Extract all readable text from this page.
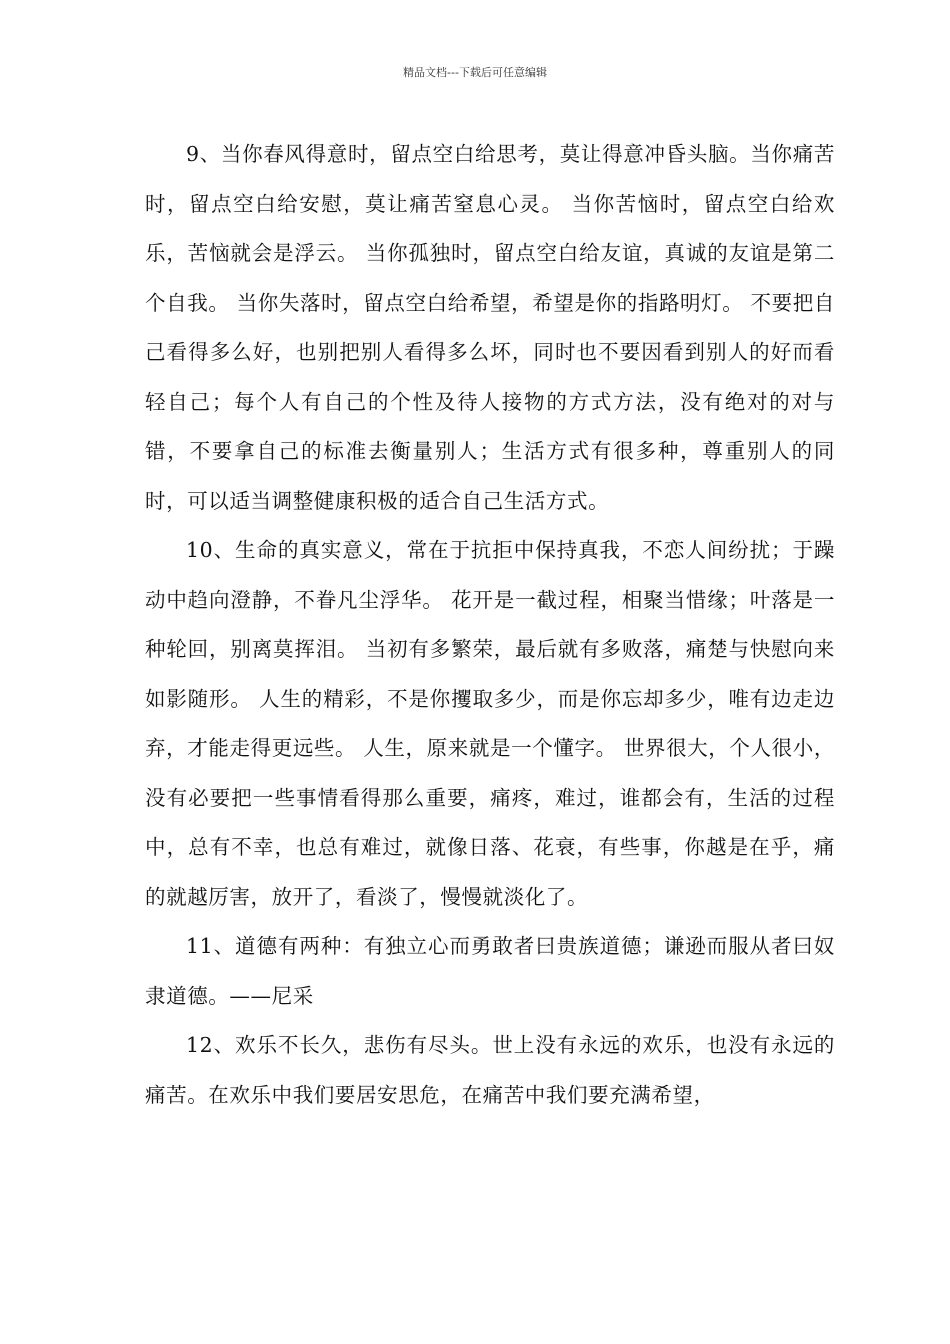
精品文档---下载后可任意编辑

9、当你春风得意时，留点空白给思考，莫让得意冲昏头脑。当你痛苦时，留点空白给安慰，莫让痛苦窒息心灵。 当你苦恼时，留点空白给欢乐，苦恼就会是浮云。 当你孤独时，留点空白给友谊，真诚的友谊是第二个自我。 当你失落时，留点空白给希望，希望是你的指路明灯。 不要把自己看得多么好，也别把别人看得多么坏，同时也不要因看到别人的好而看轻自己；每个人有自己的个性及待人接物的方式方法，没有绝对的对与错，不要拿自己的标准去衡量别人；生活方式有很多种，尊重别人的同时，可以适当调整健康积极的适合自己生活方式。

10、生命的真实意义，常在于抗拒中保持真我，不恋人间纷扰；于躁动中趋向澄静，不眷凡尘浮华。 花开是一截过程，相聚当惜缘；叶落是一种轮回，别离莫挥泪。 当初有多繁荣，最后就有多败落，痛楚与快慰向来如影随形。 人生的精彩，不是你攫取多少，而是你忘却多少，唯有边走边弃，才能走得更远些。 人生，原来就是一个懂字。 世界很大，个人很小，没有必要把一些事情看得那么重要，痛疼，难过，谁都会有，生活的过程中，总有不幸，也总有难过，就像日落、花衰，有些事，你越是在乎，痛的就越厉害，放开了，看淡了，慢慢就淡化了。

11、道德有两种：有独立心而勇敢者曰贵族道德；谦逊而服从者曰奴隶道德。——尼采

12、欢乐不长久，悲伤有尽头。世上没有永远的欢乐，也没有永远的痛苦。在欢乐中我们要居安思危，在痛苦中我们要充满希望，
